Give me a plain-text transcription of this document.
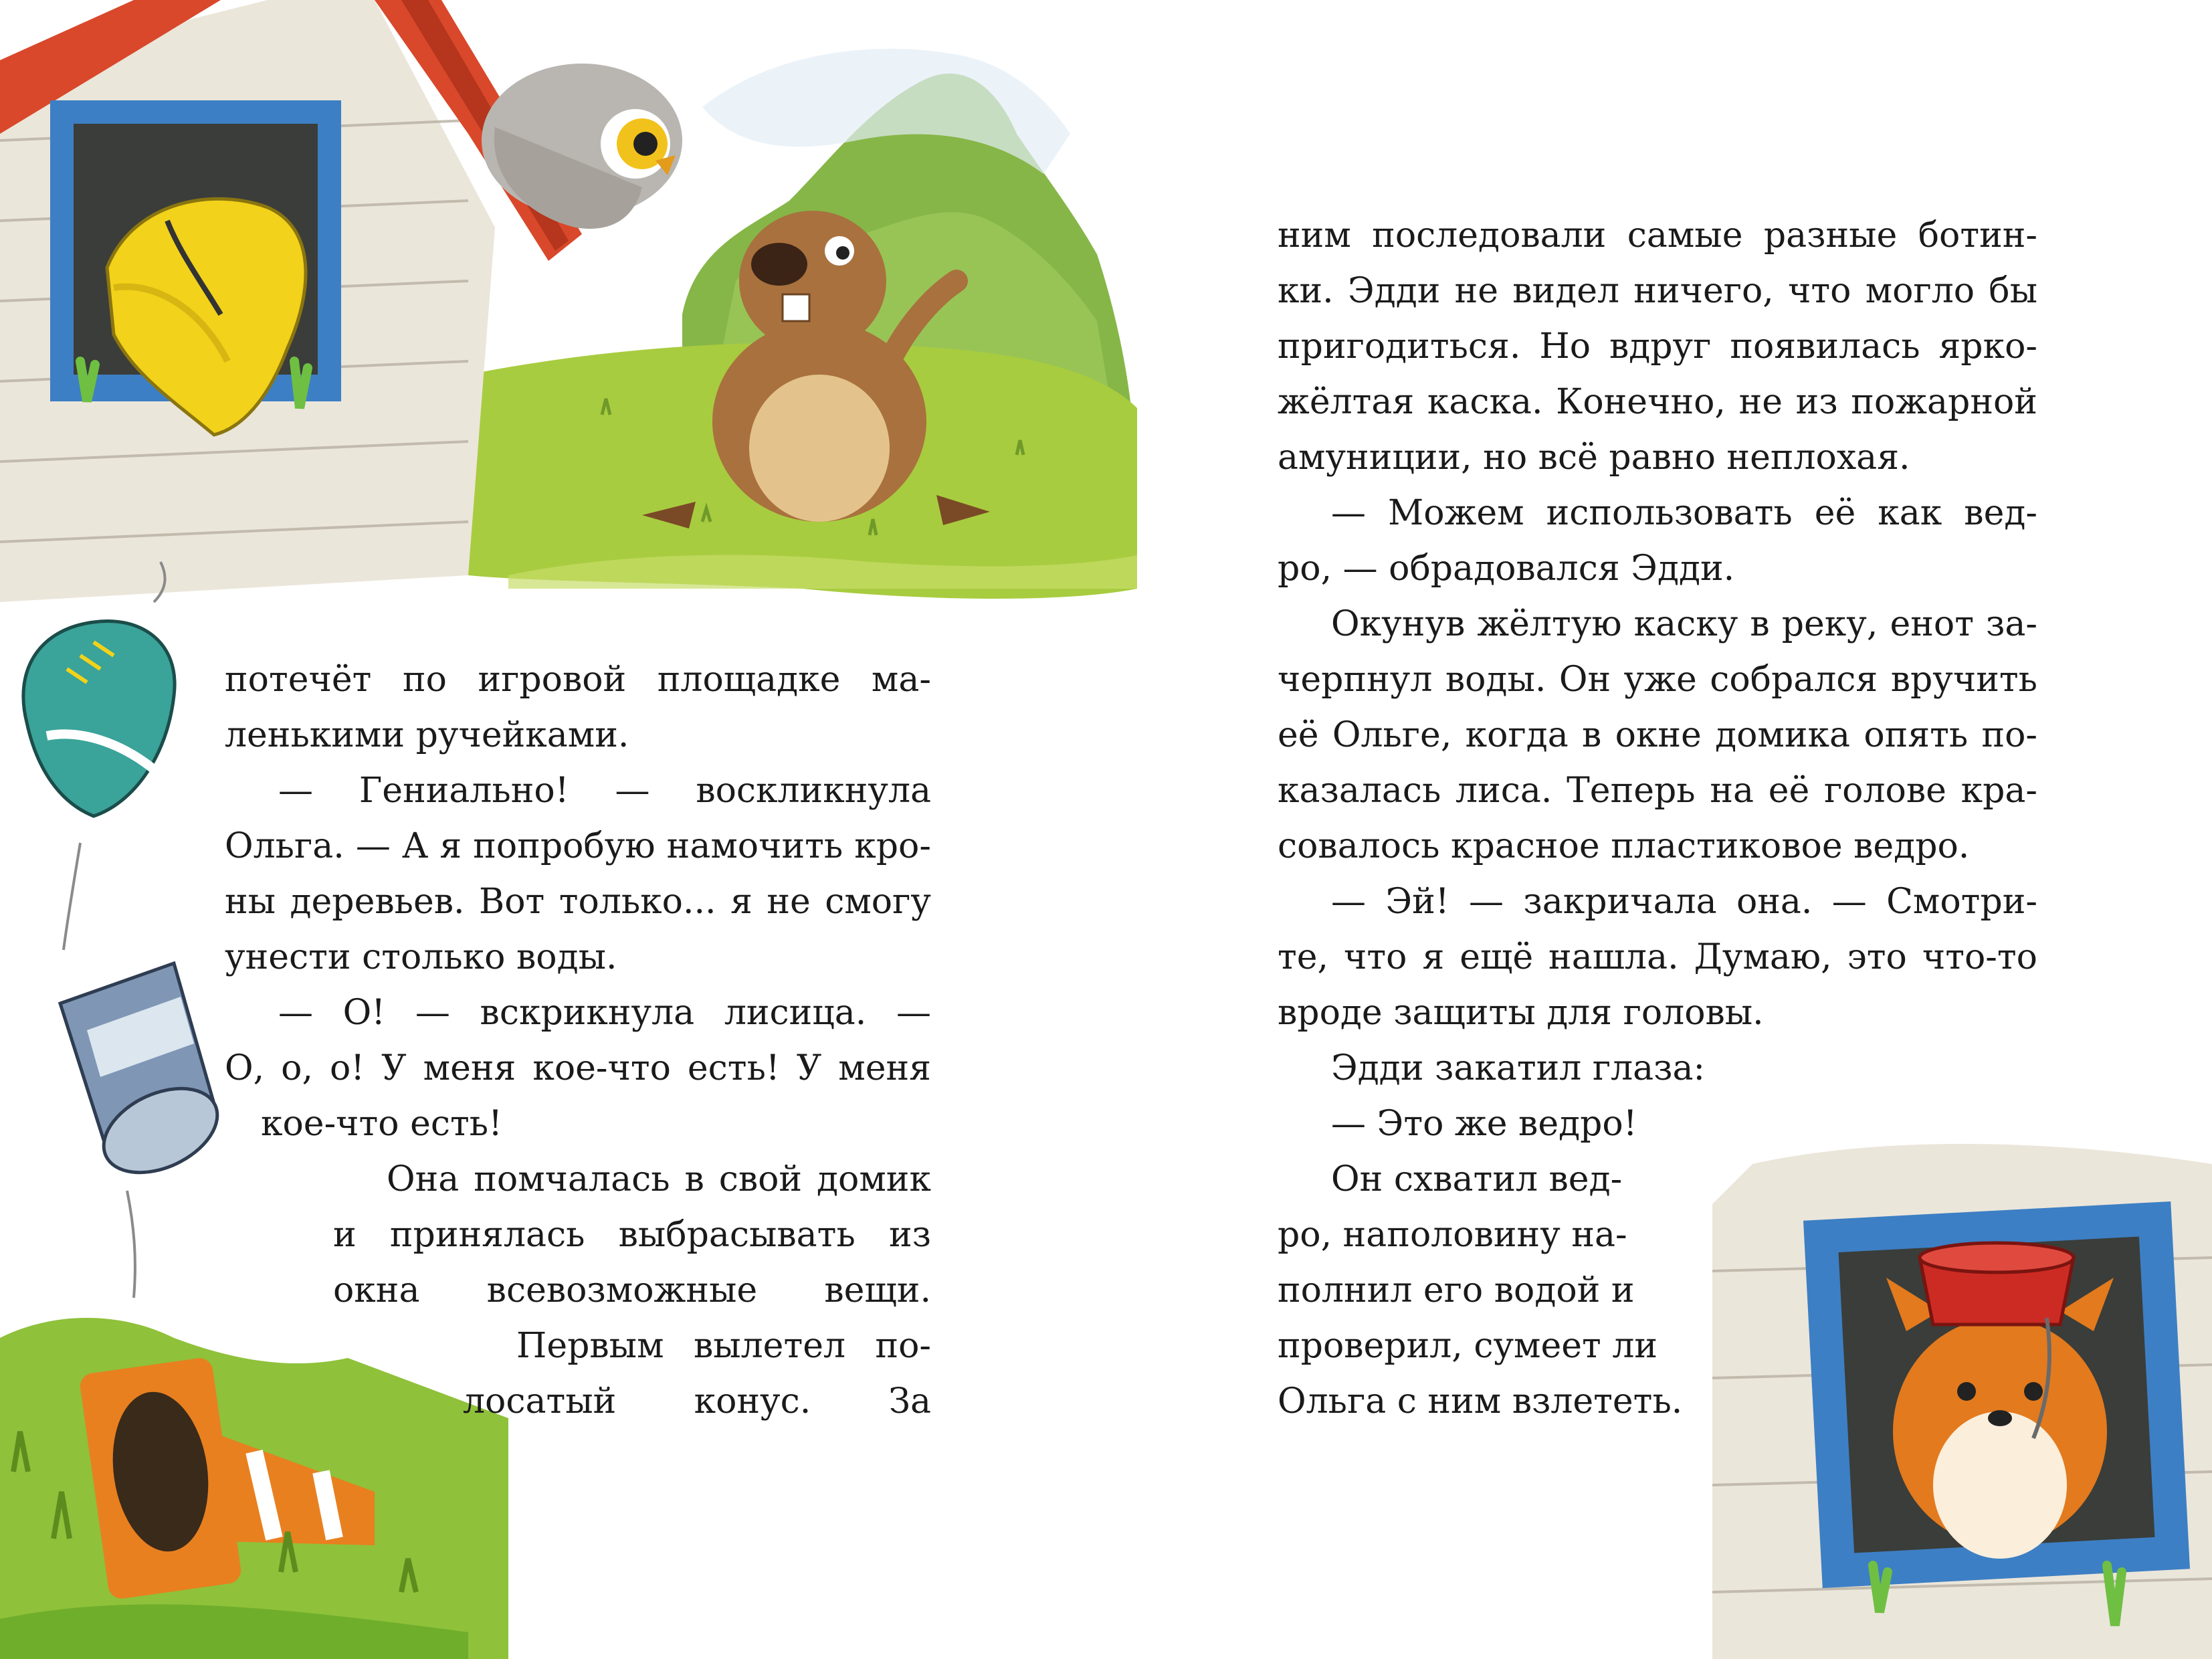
потечёт по игровой площадке ма-
ленькими ручейками.
— Гениально! — воскликнула
Ольга. — А я попробую намочить кро-
ны деревьев. Вот только... я не смогу
унести столько воды.
— О! — вскрикнула лисица. —
О, о, о! У меня кое-что есть! У меня
кое-что есть!
Она помчалась в свой домик
и принялась выбрасывать из
окна всевозможные вещи.
Первым вылетел по-
лосатый конус. За
ним последовали самые разные ботин-
ки. Эдди не видел ничего, что могло бы
пригодиться. Но вдруг появилась ярко-
жёлтая каска. Конечно, не из пожарной
амуниции, но всё равно неплохая.
— Можем использовать её как вед-
ро, — обрадовался Эдди.
Окунув жёлтую каску в реку, енот за-
черпнул воды. Он уже собрался вручить
её Ольге, когда в окне домика опять по-
казалась лиса. Теперь на её голове кра-
совалось красное пластиковое ведро.
— Эй! — закричала она. — Смотри-
те, что я ещё нашла. Думаю, это что-то
вроде защиты для головы.
Эдди закатил глаза:
— Это же ведро!
Он схватил вед-
ро, наполовину на-
полнил его водой и
проверил, сумеет ли
Ольга с ним взлететь.
